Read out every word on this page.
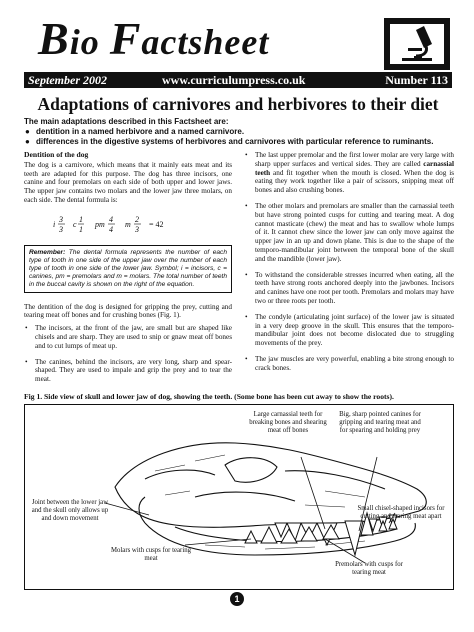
Bio Factsheet
September 2002	www.curriculumpress.co.uk	Number 113
Adaptations of carnivores and herbivores to their diet
The main adaptations described in this Factsheet are:
● dentition in a named herbivore and a named carnivore.
● differences in the digestive systems of herbivores and carnivores with particular reference to ruminants.
Dentition of the dog

The dog is a carnivore, which means that it mainly eats meat and its teeth are adapted for this purpose. The dog has three incisors, one canine and four premolars on each side of both upper and lower jaws. The upper jaw contains two molars and the lower jaw three molars, on each side. The dental formula is:

3
3
i c
1
1
pm
4
4
m
2
3
= 42
Remember: The dental formula represents the number of each type of tooth in one side of the upper jaw over the number of each type of tooth in one side of the lower jaw. Symbol; i = incisors, c = canines, pm = premolars and m = molars. The total number of teeth in the buccal cavity is shown on the right of the equation.

The dentition of the dog is designed for gripping the prey, cutting and tearing meat off bones and for crushing bones (Fig. 1).

• The incisors, at the front of the jaw, are small but are shaped like chisels and are sharp. They are used to snip or gnaw meat off bones and to cut lumps of meat up.
• The canines, behind the incisors, are very long, sharp and spear-shaped. They are used to impale and grip the prey and to tear the meat.
• The last upper premolar and the first lower molar are very large with sharp upper surfaces and vertical sides. They are called carnassial teeth and fit together when the mouth is closed. When the dog is eating they work together like a pair of scissors, snipping meat off bones and also crushing bones.
• The other molars and premolars are smaller than the carnassial teeth but have strong pointed cusps for cutting and tearing meat. A dog cannot masticate (chew) the meat and has to swallow whole lumps of it. It cannot chew since the lower jaw can only move against the upper jaw in an up and down plane. This is due to the shape of the temporo-mandibular joint between the temporal bone of the skull and the mandible (lower jaw).
• To withstand the considerable stresses incurred when eating, all the teeth have strong roots anchored deeply into the jawbones. Incisors and canines have one root per tooth. Premolars and molars may have two or three roots per tooth.
• The condyle (articulating joint surface) of the lower jaw is situated in a very deep groove in the skull. This ensures that the temporo-mandibular joint does not become dislocated due to struggling movements of the prey.
• The jaw muscles are very powerful, enabling a bite strong enough to crack bones.
Fig 1. Side view of skull and lower jaw of dog, showing the teeth. (Some bone has been cut away to show the roots).
Large carnassial teeth for breaking bones and shearing meat off bones
Big, sharp pointed canines for gripping and tearing meat and for spearing and holding prey
Joint between the lower jaw and the skull only allows up and down movement
Small chisel-shaped incisors for cutting and tearing meat apart
Molars with cusps for tearing meat
Premolars with cusps for tearing meat
1
